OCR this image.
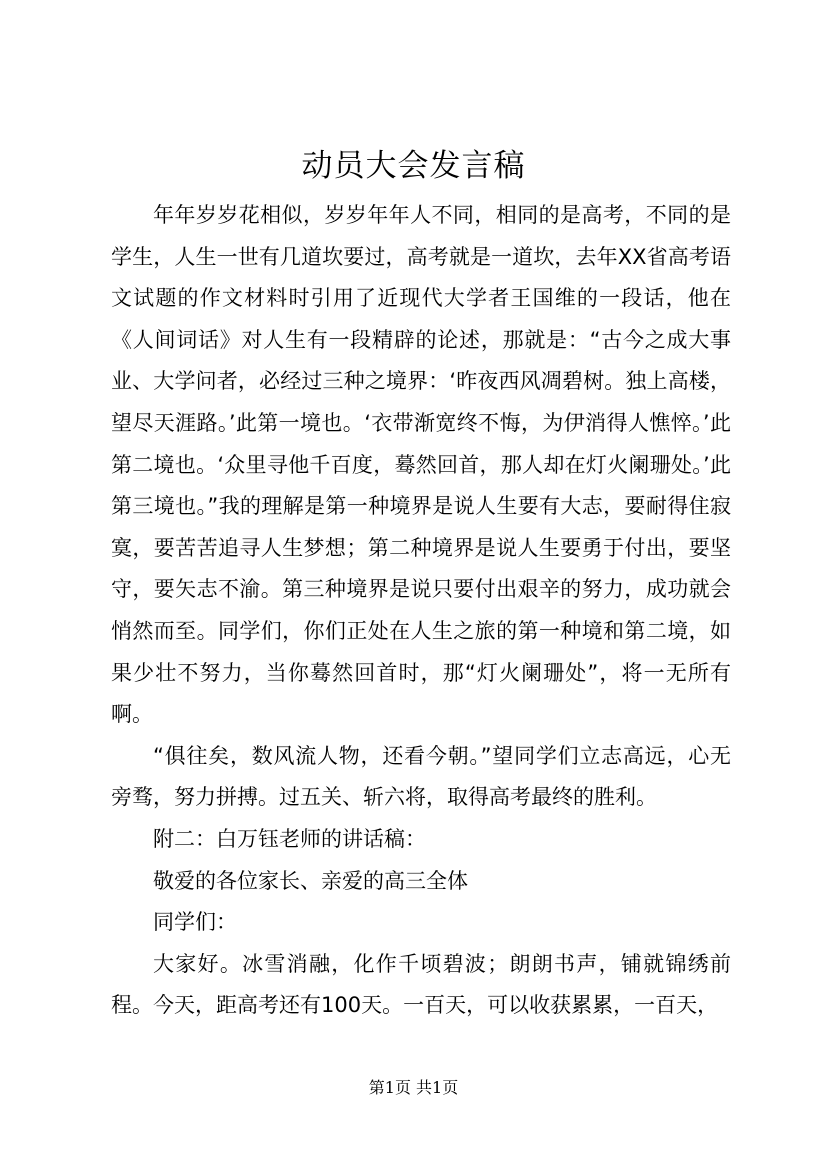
动员大会发言稿

年年岁岁花相似，岁岁年年人不同，相同的是高考，不同的是学生，人生一世有几道坎要过，高考就是一道坎，去年XX省高考语文试题的作文材料时引用了近现代大学者王国维的一段话，他在《人间词话》对人生有一段精辟的论述，那就是：“古今之成大事业、大学问者，必经过三种之境界：‘昨夜西风凋碧树。独上高楼，望尽天涯路。’此第一境也。‘衣带渐宽终不悔，为伊消得人憔悴。’此第二境也。‘众里寻他千百度，蓦然回首，那人却在灯火阑珊处。’此第三境也。”我的理解是第一种境界是说人生要有大志，要耐得住寂寞，要苦苦追寻人生梦想；第二种境界是说人生要勇于付出，要坚守，要矢志不渝。第三种境界是说只要付出艰辛的努力，成功就会悄然而至。同学们，你们正处在人生之旅的第一种境和第二境，如果少壮不努力，当你蓦然回首时，那“灯火阑珊处”，将一无所有啊。

“俱往矣，数风流人物，还看今朝。”望同学们立志高远，心无旁骛，努力拼搏。过五关、斩六将，取得高考最终的胜利。

附二：白万钰老师的讲话稿：

敬爱的各位家长、亲爱的高三全体

同学们：

大家好。冰雪消融，化作千顷碧波；朗朗书声，铺就锦绣前程。今天，距高考还有100天。一百天，可以收获累累，一百天，

第1页 共1页
